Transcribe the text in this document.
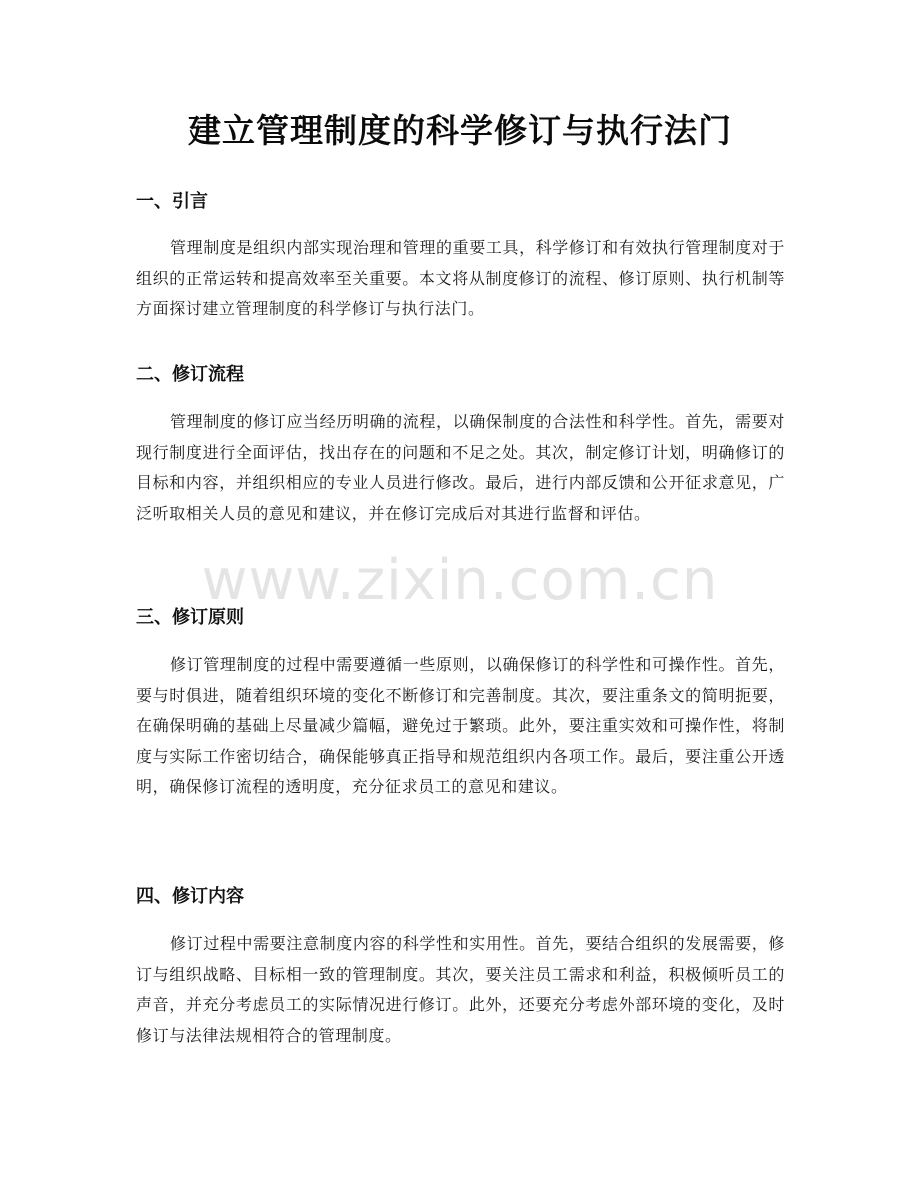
建立管理制度的科学修订与执行法门
一、引言

管理制度是组织内部实现治理和管理的重要工具，科学修订和有效执行管理制度对于组织的正常运转和提高效率至关重要。本文将从制度修订的流程、修订原则、执行机制等方面探讨建立管理制度的科学修订与执行法门。

二、修订流程

管理制度的修订应当经历明确的流程，以确保制度的合法性和科学性。首先，需要对现行制度进行全面评估，找出存在的问题和不足之处。其次，制定修订计划，明确修订的目标和内容，并组织相应的专业人员进行修改。最后，进行内部反馈和公开征求意见，广泛听取相关人员的意见和建议，并在修订完成后对其进行监督和评估。

三、修订原则

修订管理制度的过程中需要遵循一些原则，以确保修订的科学性和可操作性。首先，要与时俱进，随着组织环境的变化不断修订和完善制度。其次，要注重条文的简明扼要，在确保明确的基础上尽量减少篇幅，避免过于繁琐。此外，要注重实效和可操作性，将制度与实际工作密切结合，确保能够真正指导和规范组织内各项工作。最后，要注重公开透明，确保修订流程的透明度，充分征求员工的意见和建议。

四、修订内容

修订过程中需要注意制度内容的科学性和实用性。首先，要结合组织的发展需要，修订与组织战略、目标相一致的管理制度。其次，要关注员工需求和利益，积极倾听员工的声音，并充分考虑员工的实际情况进行修订。此外，还要充分考虑外部环境的变化，及时修订与法律法规相符合的管理制度。

www.zixin.com.cn
